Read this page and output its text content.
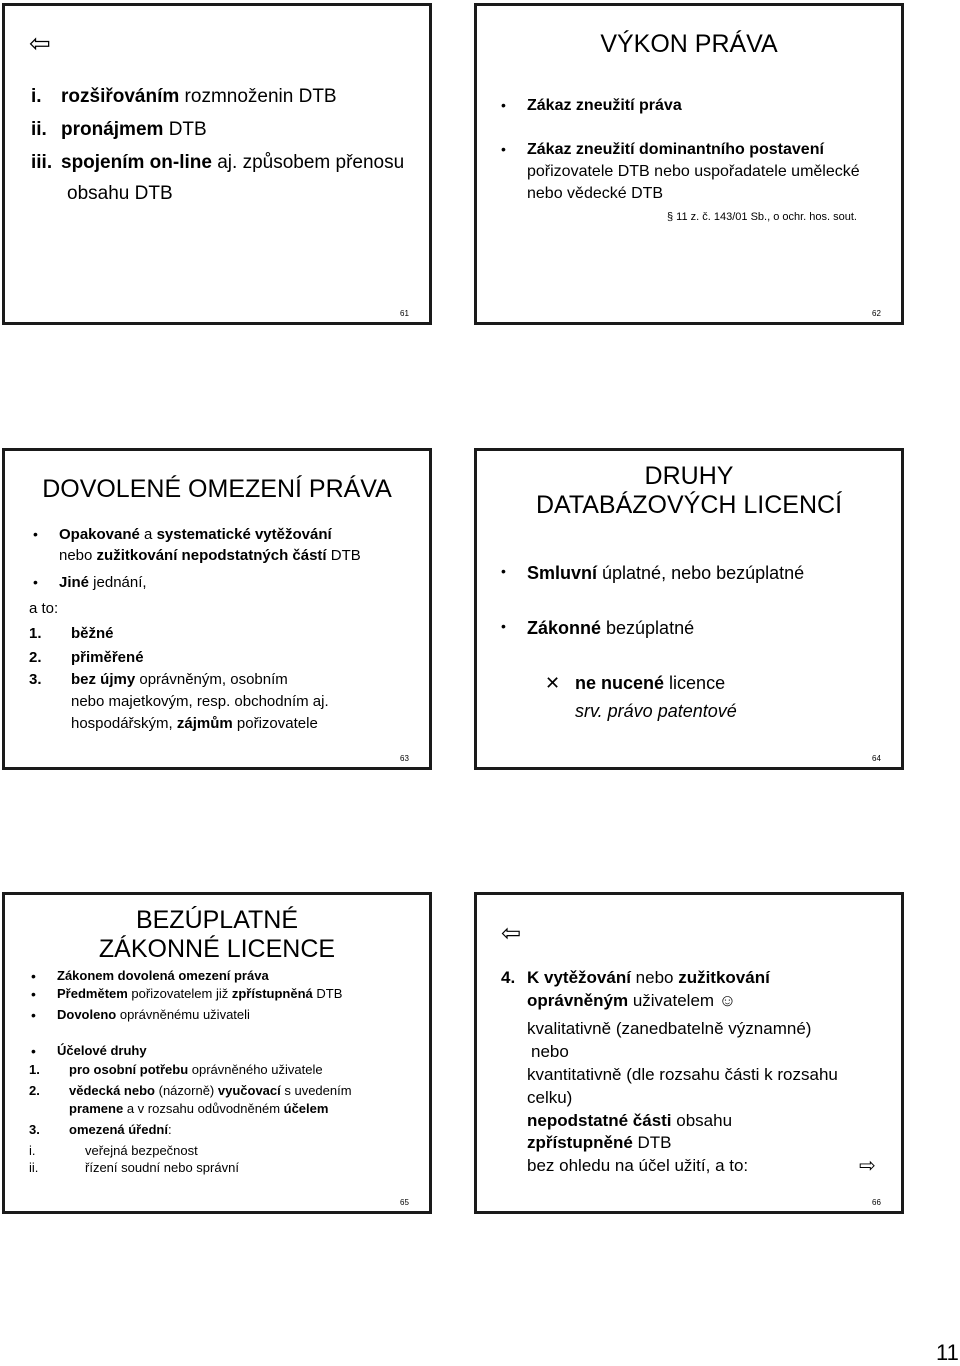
⇦
i. rozšiřováním rozmnoženin DTB
ii. pronájmem DTB
iii. spojením on-line aj. způsobem přenosu
obsahu DTB
61
VÝKON PRÁVA
• Zákaz zneužití práva
• Zákaz zneužití dominantního postavení
pořizovatele DTB nebo uspořadatele umělecké
nebo vědecké DTB
§ 11 z. č. 143/01 Sb., o ochr. hos. sout.
62
DOVOLENÉ OMEZENÍ PRÁVA
• Opakované a systematické vytěžování
nebo zužitkování nepodstatných částí DTB
• Jiné jednání,
a to:
1. běžné
2. přiměřené
3. bez újmy oprávněným, osobním
nebo majetkovým, resp. obchodním aj.
hospodářským, zájmům pořizovatele
63
DRUHY
DATABÁZOVÝCH LICENCÍ
• Smluvní úplatné, nebo bezúplatné
• Zákonné bezúplatné
✕ ne nucené licence
srv. právo patentové
64
BEZÚPLATNÉ
ZÁKONNÉ LICENCE
• Zákonem dovolená omezení práva
• Předmětem pořizovatelem již zpřístupněná DTB
• Dovoleno oprávněnému uživateli
• Účelové druhy
1. pro osobní potřebu oprávněného uživatele
2. vědecká nebo (názorně) vyučovací s uvedením
pramene a v rozsahu odůvodněném účelem
3. omezená úřední:
i.	veřejná bezpečnost
ii.	řízení soudní nebo správní
65
⇦
4. K vytěžování nebo zužitkování
oprávněným uživatelem ☺
kvalitativně (zanedbatelně významné)
nebo
kvantitativně (dle rozsahu části k rozsahu
celku)
nepodstatné části obsahu
zpřístupněné DTB
bez ohledu na účel užití, a to:	⇨
66
11
